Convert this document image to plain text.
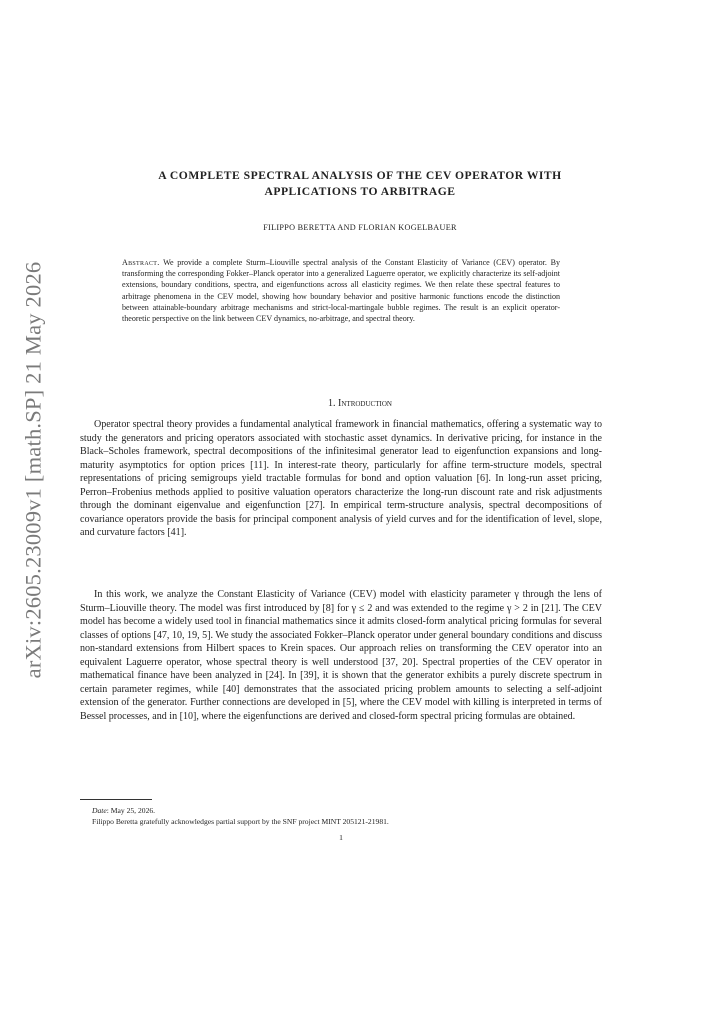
arXiv:2605.23009v1 [math.SP] 21 May 2026
A COMPLETE SPECTRAL ANALYSIS OF THE CEV OPERATOR WITH
APPLICATIONS TO ARBITRAGE
FILIPPO BERETTA AND FLORIAN KOGELBAUER
Abstract. We provide a complete Sturm–Liouville spectral analysis of the Constant Elasticity of Variance (CEV) operator. By transforming the corresponding Fokker–Planck operator into a generalized Laguerre operator, we explicitly characterize its self-adjoint extensions, boundary conditions, spectra, and eigenfunctions across all elasticity regimes. We then relate these spectral features to arbitrage phenomena in the CEV model, showing how boundary behavior and positive harmonic functions encode the distinction between attainable-boundary arbitrage mechanisms and strict-local-martingale bubble regimes. The result is an explicit operator-theoretic perspective on the link between CEV dynamics, no-arbitrage, and spectral theory.
1. Introduction

Operator spectral theory provides a fundamental analytical framework in financial mathematics, offering a systematic way to study the generators and pricing operators associated with stochastic asset dynamics. In derivative pricing, for instance in the Black–Scholes framework, spectral decompositions of the infinitesimal generator lead to eigenfunction expansions and long-maturity asymptotics for option prices [11]. In interest-rate theory, particularly for affine term-structure models, spectral representations of pricing semigroups yield tractable formulas for bond and option valuation [6]. In long-run asset pricing, Perron–Frobenius methods applied to positive valuation operators characterize the long-run discount rate and risk adjustments through the dominant eigenvalue and eigenfunction [27]. In empirical term-structure analysis, spectral decompositions of covariance operators provide the basis for principal component analysis of yield curves and for the identification of level, slope, and curvature factors [41].

In this work, we analyze the Constant Elasticity of Variance (CEV) model with elasticity parameter γ through the lens of Sturm–Liouville theory. The model was first introduced by [8] for γ ≤ 2 and was extended to the regime γ > 2 in [21]. The CEV model has become a widely used tool in financial mathematics since it admits closed-form analytical pricing formulas for several classes of options [47, 10, 19, 5]. We study the associated Fokker–Planck operator under general boundary conditions and discuss non-standard extensions from Hilbert spaces to Krein spaces. Our approach relies on transforming the CEV operator into an equivalent Laguerre operator, whose spectral theory is well understood [37, 20]. Spectral properties of the CEV operator in mathematical finance have been analyzed in [24]. In [39], it is shown that the generator exhibits a purely discrete spectrum in certain parameter regimes, while [40] demonstrates that the associated pricing problem amounts to selecting a self-adjoint extension of the generator. Further connections are developed in [5], where the CEV model with killing is interpreted in terms of Bessel processes, and in [10], where the eigenfunctions are derived and closed-form spectral pricing formulas are obtained.

Date: May 25, 2026.
Filippo Beretta gratefully acknowledges partial support by the SNF project MINT 205121-21981.
1
